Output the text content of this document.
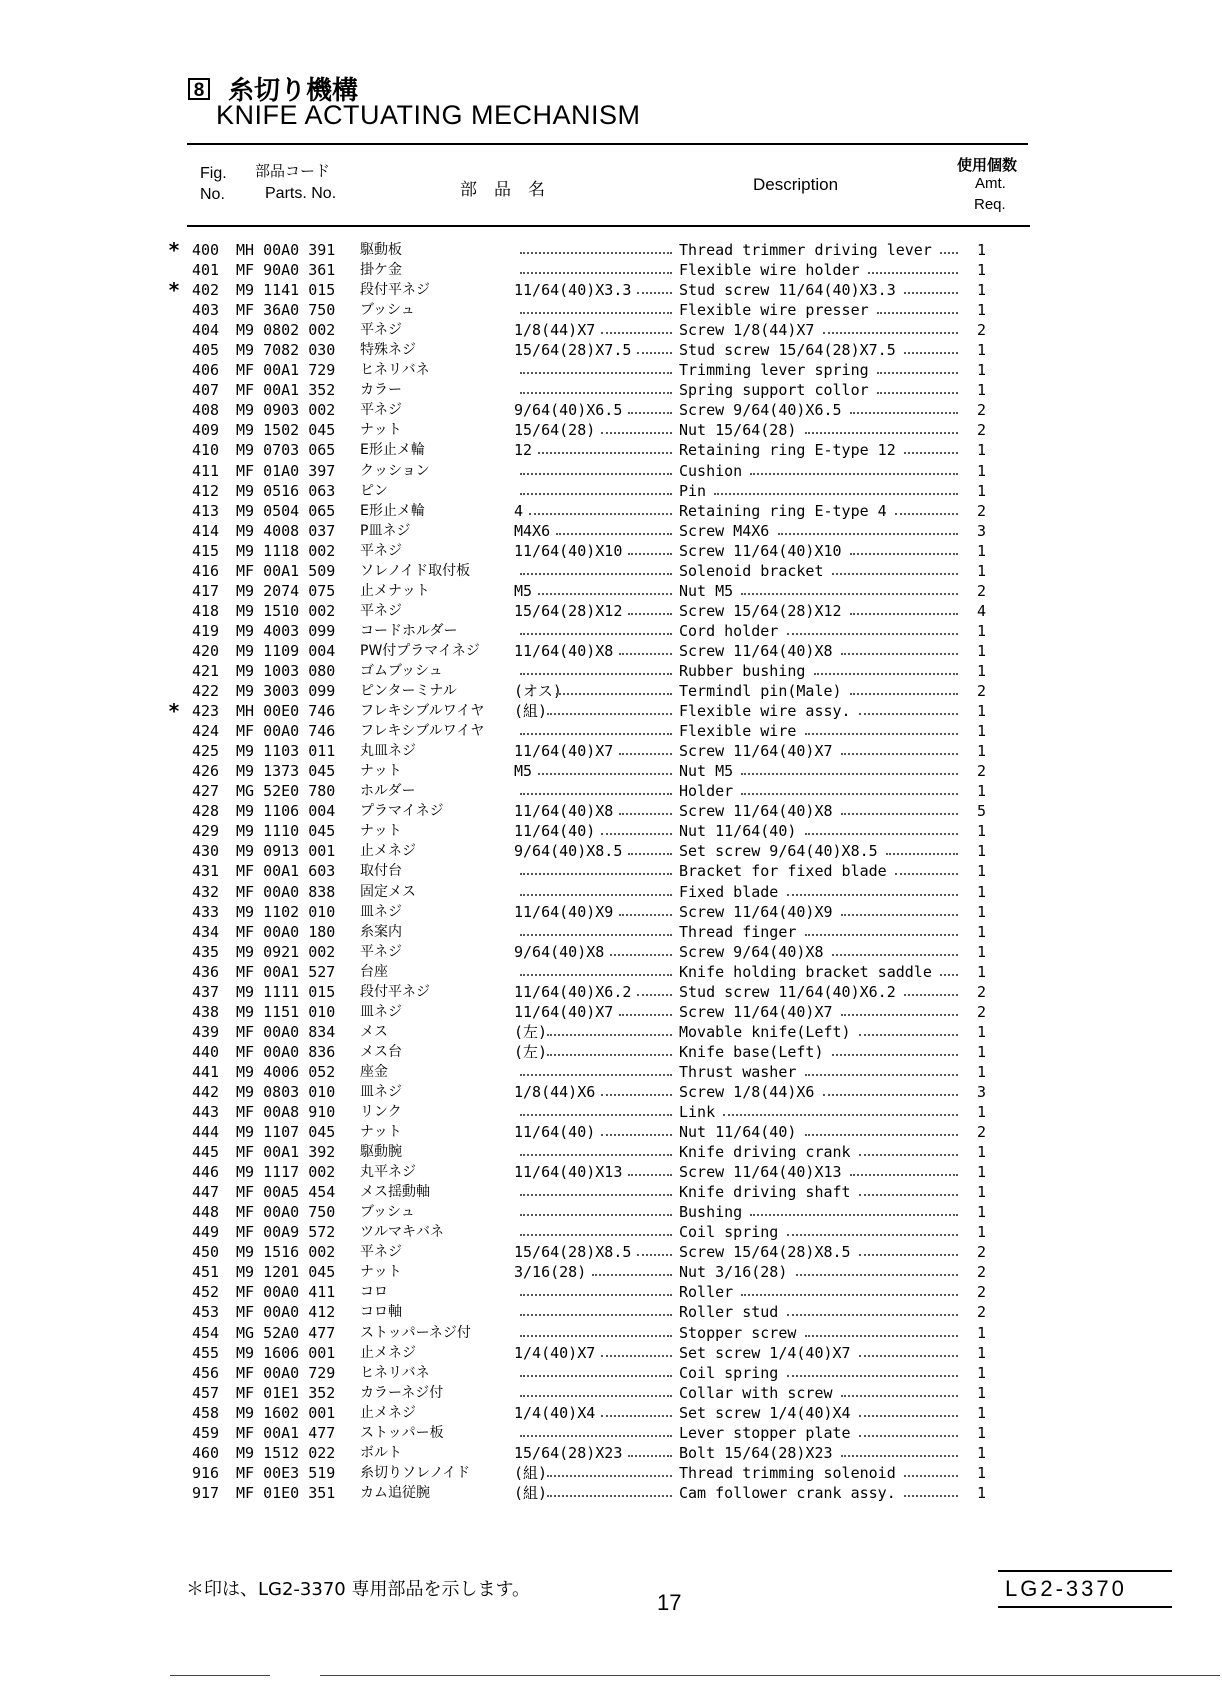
8 糸切り機構
KNIFE ACTUATING MECHANISM
Fig.
No.
部品コード
Parts. No.	部　品　名	Description
使用個数
Amt.
Req.
* 400 MH 00A0 391 駆動板	Thread trimmer driving lever	1
401 MF 90A0 361 掛ケ金	Flexible wire holder	1
* 402 M9 1141 015 段付平ネジ	11/64(40)X3.3	Stud screw 11/64(40)X3.3	1
403 MF 36A0 750 ブッシュ	Flexible wire presser	1
404 M9 0802 002 平ネジ	1/8(44)X7	Screw 1/8(44)X7	2
405 M9 7082 030 特殊ネジ	15/64(28)X7.5	Stud screw 15/64(28)X7.5	1
406 MF 00A1 729 ヒネリバネ	Trimming lever spring	1
407 MF 00A1 352 カラー	Spring support collor	1
408 M9 0903 002 平ネジ	9/64(40)X6.5	Screw 9/64(40)X6.5	2
409 M9 1502 045 ナット	15/64(28)	Nut 15/64(28)	2
410 M9 0703 065 E形止メ輪	12	Retaining ring E-type 12	1
411 MF 01A0 397 クッション	Cushion	1
412 M9 0516 063 ピン	Pin	1
413 M9 0504 065 E形止メ輪	4	Retaining ring E-type 4	2
414 M9 4008 037 P皿ネジ	M4X6	Screw M4X6	3
415 M9 1118 002 平ネジ	11/64(40)X10	Screw 11/64(40)X10	1
416 MF 00A1 509 ソレノイド取付板	Solenoid bracket	1
417 M9 2074 075 止メナット	M5	Nut M5	2
418 M9 1510 002 平ネジ	15/64(28)X12	Screw 15/64(28)X12	4
419 M9 4003 099 コードホルダー	Cord holder	1
420 M9 1109 004 PW付プラマイネジ 11/64(40)X8	Screw 11/64(40)X8	1
421 M9 1003 080 ゴムブッシュ	Rubber bushing	1
422 M9 3003 099 ピンターミナル	(オス)	Termindl pin(Male)	2
* 423 MH 00E0 746 フレキシブルワイヤ (組)	Flexible wire assy.	1
424 MF 00A0 746 フレキシブルワイヤ	Flexible wire	1
425 M9 1103 011 丸皿ネジ	11/64(40)X7	Screw 11/64(40)X7	1
426 M9 1373 045 ナット	M5	Nut M5	2
427 MG 52E0 780 ホルダー	Holder	1
428 M9 1106 004 プラマイネジ	11/64(40)X8	Screw 11/64(40)X8	5
429 M9 1110 045 ナット	11/64(40)	Nut 11/64(40)	1
430 M9 0913 001 止メネジ	9/64(40)X8.5	Set screw 9/64(40)X8.5	1
431 MF 00A1 603 取付台	Bracket for fixed blade	1
432 MF 00A0 838 固定メス	Fixed blade	1
433 M9 1102 010 皿ネジ	11/64(40)X9	Screw 11/64(40)X9	1
434 MF 00A0 180 糸案内	Thread finger	1
435 M9 0921 002 平ネジ	9/64(40)X8	Screw 9/64(40)X8	1
436 MF 00A1 527 台座	Knife holding bracket saddle	1
437 M9 1111 015 段付平ネジ	11/64(40)X6.2	Stud screw 11/64(40)X6.2	2
438 M9 1151 010 皿ネジ	11/64(40)X7	Screw 11/64(40)X7	2
439 MF 00A0 834 メス	(左)	Movable knife(Left)	1
440 MF 00A0 836 メス台	(左)	Knife base(Left)	1
441 M9 4006 052 座金	Thrust washer	1
442 M9 0803 010 皿ネジ	1/8(44)X6	Screw 1/8(44)X6	3
443 MF 00A8 910 リンク	Link	1
444 M9 1107 045 ナット	11/64(40)	Nut 11/64(40)	2
445 MF 00A1 392 駆動腕	Knife driving crank	1
446 M9 1117 002 丸平ネジ	11/64(40)X13	Screw 11/64(40)X13	1
447 MF 00A5 454 メス揺動軸	Knife driving shaft	1
448 MF 00A0 750 ブッシュ	Bushing	1
449 MF 00A9 572 ツルマキバネ	Coil spring	1
450 M9 1516 002 平ネジ	15/64(28)X8.5	Screw 15/64(28)X8.5	2
451 M9 1201 045 ナット	3/16(28)	Nut 3/16(28)	2
452 MF 00A0 411 コロ	Roller	2
453 MF 00A0 412 コロ軸	Roller stud	2
454 MG 52A0 477 ストッパーネジ付	Stopper screw	1
455 M9 1606 001 止メネジ	1/4(40)X7	Set screw 1/4(40)X7	1
456 MF 00A0 729 ヒネリバネ	Coil spring	1
457 MF 01E1 352 カラーネジ付	Collar with screw	1
458 M9 1602 001 止メネジ	1/4(40)X4	Set screw 1/4(40)X4	1
459 MF 00A1 477 ストッパー板	Lever stopper plate	1
460 M9 1512 022 ボルト	15/64(28)X23	Bolt 15/64(28)X23	1
916 MF 00E3 519 糸切りソレノイド	(組)	Thread trimming solenoid	1
917 MF 01E0 351 カム追従腕	(組)	Cam follower crank assy.	1
＊印は、LG2-3370 専用部品を示します。
17
LG2-3370
